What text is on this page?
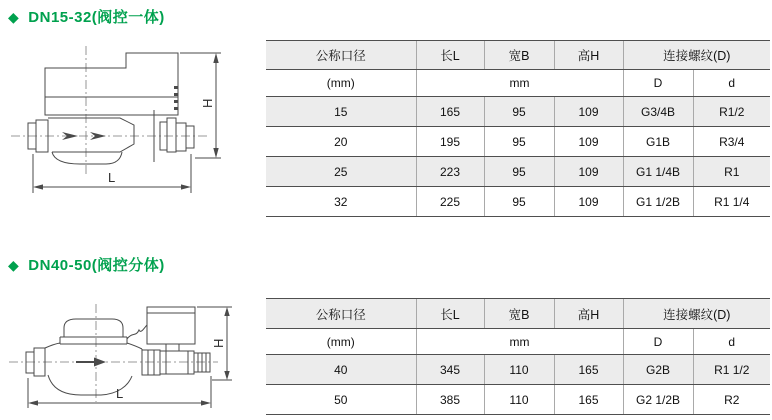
◆ DN15-32(阀控一体)
H
L
公称口径	长L	宽B	高H	连接螺纹(D)	
(mm)	mm			D	d
15	165	95	109	G3/4B	R1/2
20	195	95	109	G1B	R3/4
25	223	95	109	G1 1/4B	R1
32	225	95	109	G1 1/2B	R1 1/4
◆ DN40-50(阀控分体)
H
L
公称口径	长L	宽B	高H	连接螺纹(D)	
(mm)	mm			D	d
40	345	110	165	G2B	R1 1/2
50	385	110	165	G2 1/2B	R2
